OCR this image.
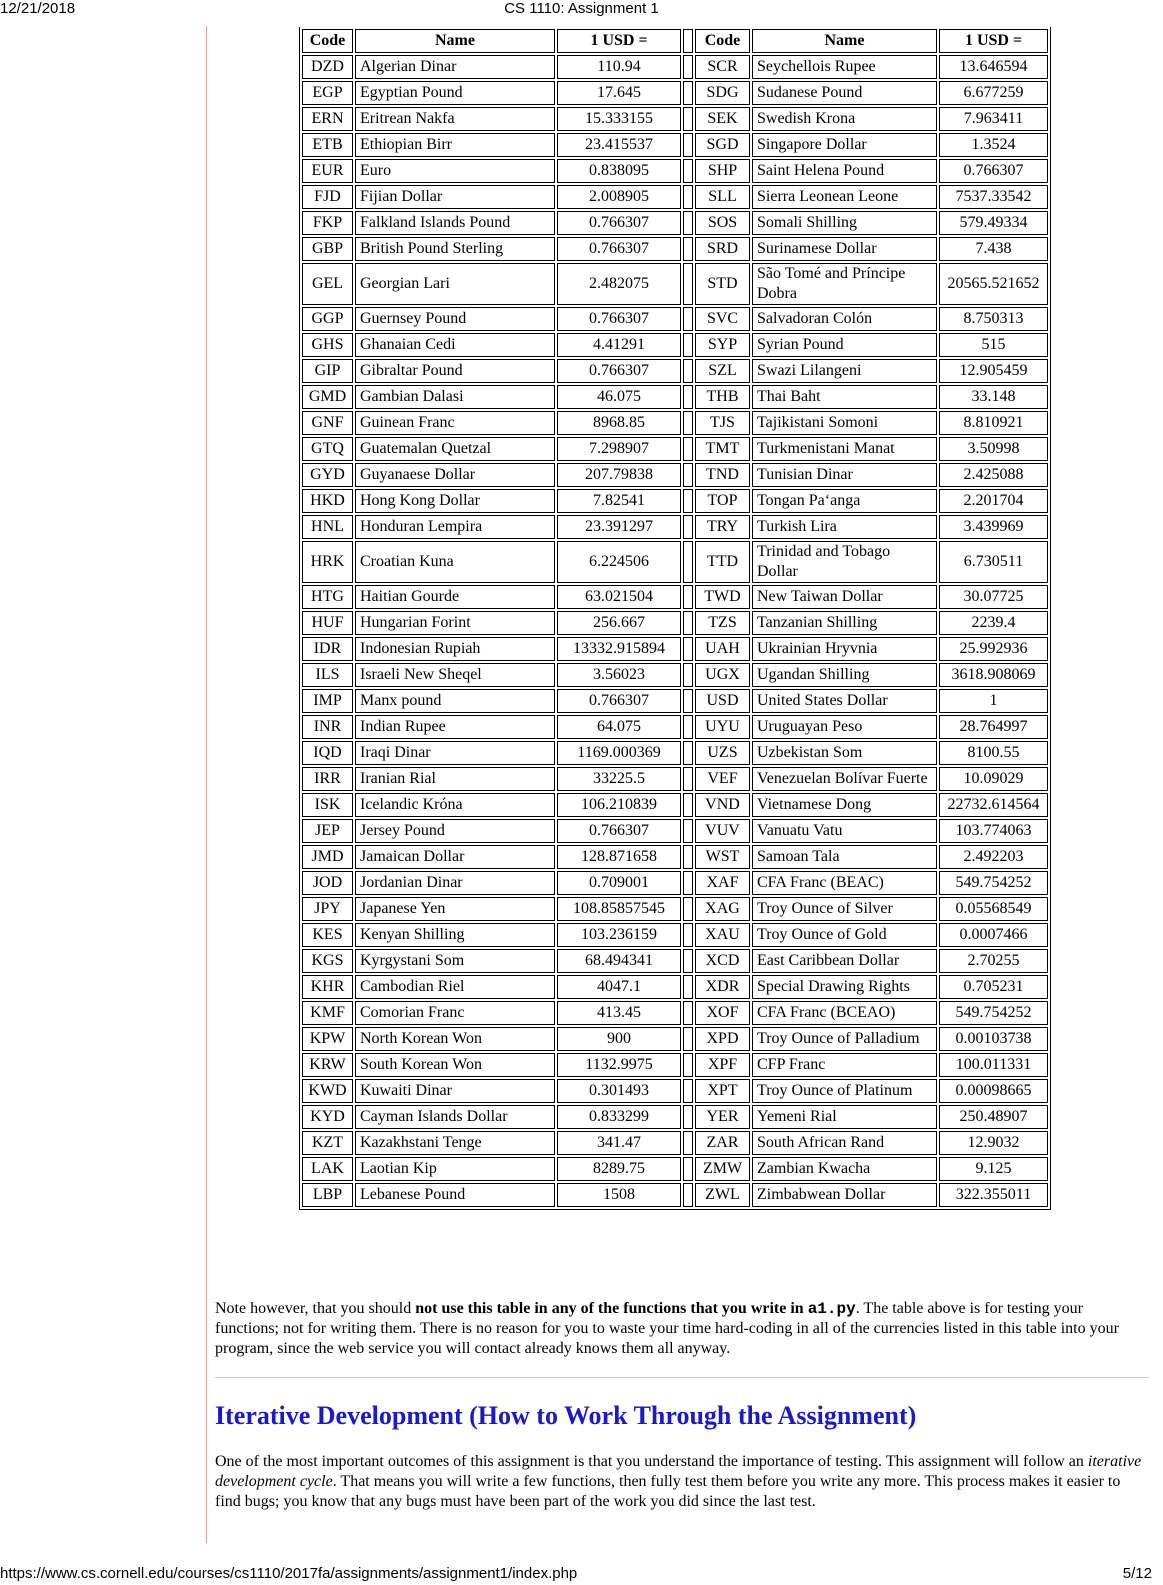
12/21/2018	CS 1110: Assignment 1
Code	Name	1 USD =		Code	Name	1 USD =
DZD	Algerian Dinar	110.94		SCR	Seychellois Rupee	13.646594
EGP	Egyptian Pound	17.645		SDG	Sudanese Pound	6.677259
ERN	Eritrean Nakfa	15.333155		SEK	Swedish Krona	7.963411
ETB	Ethiopian Birr	23.415537		SGD	Singapore Dollar	1.3524
EUR	Euro	0.838095		SHP	Saint Helena Pound	0.766307
FJD	Fijian Dollar	2.008905		SLL	Sierra Leonean Leone	7537.33542
FKP	Falkland Islands Pound	0.766307		SOS	Somali Shilling	579.49334
GBP	British Pound Sterling	0.766307		SRD	Surinamese Dollar	7.438
GEL	Georgian Lari	2.482075		STD	São Tomé and Príncipe Dobra	20565.521652
GGP	Guernsey Pound	0.766307		SVC	Salvadoran Colón	8.750313
GHS	Ghanaian Cedi	4.41291		SYP	Syrian Pound	515
GIP	Gibraltar Pound	0.766307		SZL	Swazi Lilangeni	12.905459
GMD	Gambian Dalasi	46.075		THB	Thai Baht	33.148
GNF	Guinean Franc	8968.85		TJS	Tajikistani Somoni	8.810921
GTQ	Guatemalan Quetzal	7.298907		TMT	Turkmenistani Manat	3.50998
GYD	Guyanaese Dollar	207.79838		TND	Tunisian Dinar	2.425088
HKD	Hong Kong Dollar	7.82541		TOP	Tongan Pa‘anga	2.201704
HNL	Honduran Lempira	23.391297		TRY	Turkish Lira	3.439969
HRK	Croatian Kuna	6.224506		TTD	Trinidad and Tobago Dollar	6.730511
HTG	Haitian Gourde	63.021504		TWD	New Taiwan Dollar	30.07725
HUF	Hungarian Forint	256.667		TZS	Tanzanian Shilling	2239.4
IDR	Indonesian Rupiah	13332.915894		UAH	Ukrainian Hryvnia	25.992936
ILS	Israeli New Sheqel	3.56023		UGX	Ugandan Shilling	3618.908069
IMP	Manx pound	0.766307		USD	United States Dollar	1
INR	Indian Rupee	64.075		UYU	Uruguayan Peso	28.764997
IQD	Iraqi Dinar	1169.000369		UZS	Uzbekistan Som	8100.55
IRR	Iranian Rial	33225.5		VEF	Venezuelan Bolívar Fuerte	10.09029
ISK	Icelandic Króna	106.210839		VND	Vietnamese Dong	22732.614564
JEP	Jersey Pound	0.766307		VUV	Vanuatu Vatu	103.774063
JMD	Jamaican Dollar	128.871658		WST	Samoan Tala	2.492203
JOD	Jordanian Dinar	0.709001		XAF	CFA Franc (BEAC)	549.754252
JPY	Japanese Yen	108.85857545		XAG	Troy Ounce of Silver	0.05568549
KES	Kenyan Shilling	103.236159		XAU	Troy Ounce of Gold	0.0007466
KGS	Kyrgystani Som	68.494341		XCD	East Caribbean Dollar	2.70255
KHR	Cambodian Riel	4047.1		XDR	Special Drawing Rights	0.705231
KMF	Comorian Franc	413.45		XOF	CFA Franc (BCEAO)	549.754252
KPW	North Korean Won	900		XPD	Troy Ounce of Palladium	0.00103738
KRW	South Korean Won	1132.9975		XPF	CFP Franc	100.011331
KWD	Kuwaiti Dinar	0.301493		XPT	Troy Ounce of Platinum	0.00098665
KYD	Cayman Islands Dollar	0.833299		YER	Yemeni Rial	250.48907
KZT	Kazakhstani Tenge	341.47		ZAR	South African Rand	12.9032
LAK	Laotian Kip	8289.75		ZMW	Zambian Kwacha	9.125
LBP	Lebanese Pound	1508		ZWL	Zimbabwean Dollar	322.355011
Note however, that you should not use this table in any of the functions that you write in a1.py. The table above is for testing your functions; not for writing them. There is no reason for you to waste your time hard-coding in all of the currencies listed in this table into your program, since the web service you will contact already knows them all anyway.
Iterative Development (How to Work Through the Assignment)
One of the most important outcomes of this assignment is that you understand the importance of testing. This assignment will follow an iterative development cycle. That means you will write a few functions, then fully test them before you write any more. This process makes it easier to find bugs; you know that any bugs must have been part of the work you did since the last test.
https://www.cs.cornell.edu/courses/cs1110/2017fa/assignments/assignment1/index.php	5/12
